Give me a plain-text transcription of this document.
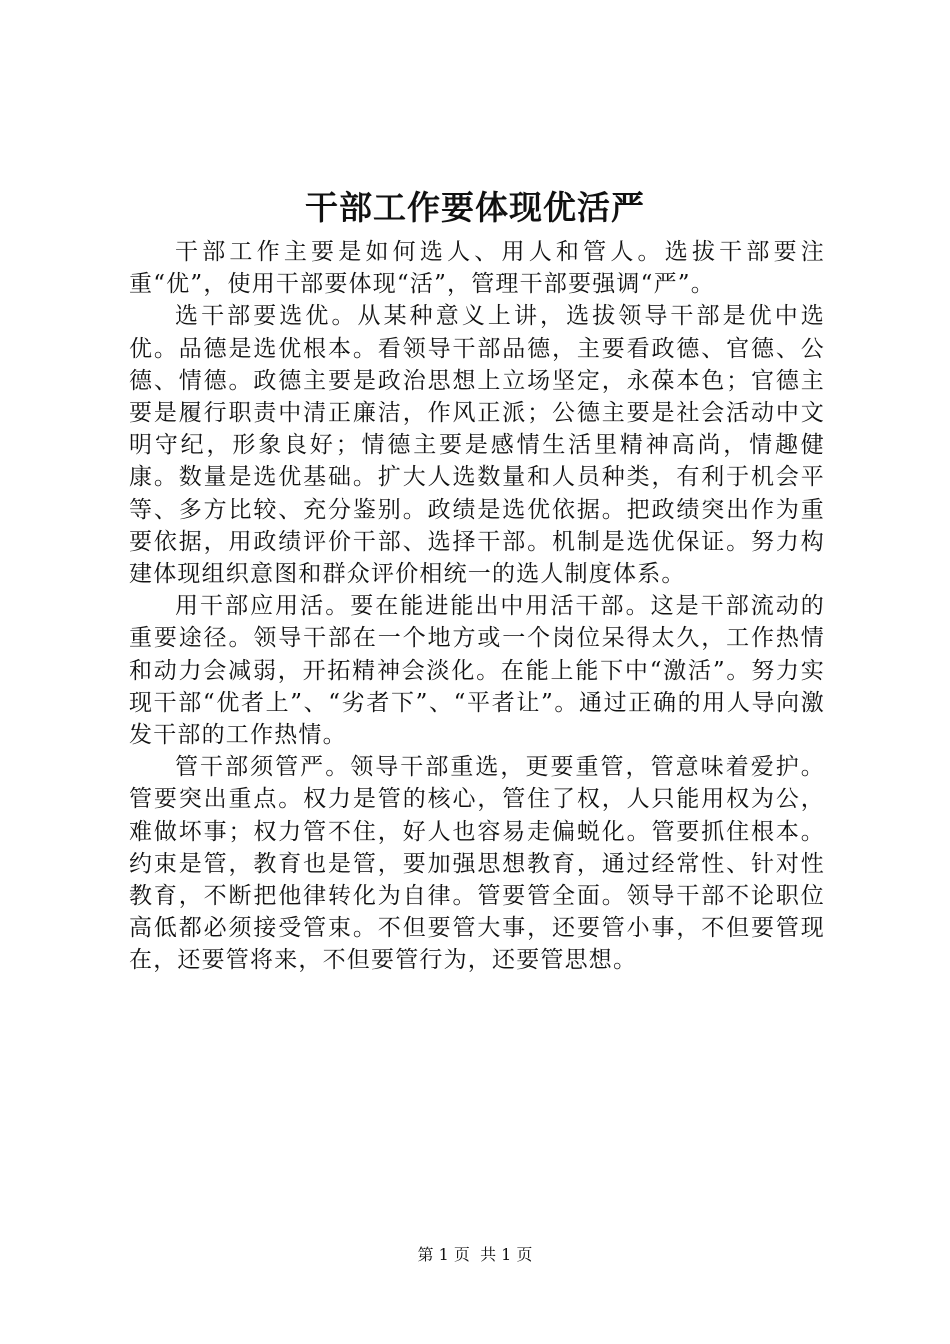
干部工作要体现优活严

干部工作主要是如何选人、用人和管人。选拔干部要注重“优”，使用干部要体现“活”，管理干部要强调“严”。

选干部要选优。从某种意义上讲，选拔领导干部是优中选优。品德是选优根本。看领导干部品德，主要看政德、官德、公德、情德。政德主要是政治思想上立场坚定，永葆本色；官德主要是履行职责中清正廉洁，作风正派；公德主要是社会活动中文明守纪，形象良好；情德主要是感情生活里精神高尚，情趣健康。数量是选优基础。扩大人选数量和人员种类，有利于机会平等、多方比较、充分鉴别。政绩是选优依据。把政绩突出作为重要依据，用政绩评价干部、选择干部。机制是选优保证。努力构建体现组织意图和群众评价相统一的选人制度体系。

用干部应用活。要在能进能出中用活干部。这是干部流动的重要途径。领导干部在一个地方或一个岗位呆得太久，工作热情和动力会减弱，开拓精神会淡化。在能上能下中“激活”。努力实现干部“优者上”、“劣者下”、“平者让”。通过正确的用人导向激发干部的工作热情。

管干部须管严。领导干部重选，更要重管，管意味着爱护。管要突出重点。权力是管的核心，管住了权，人只能用权为公，难做坏事；权力管不住，好人也容易走偏蜕化。管要抓住根本。约束是管，教育也是管，要加强思想教育，通过经常性、针对性教育，不断把他律转化为自律。管要管全面。领导干部不论职位高低都必须接受管束。不但要管大事，还要管小事，不但要管现在，还要管将来，不但要管行为，还要管思想。

第 1 页  共 1 页
